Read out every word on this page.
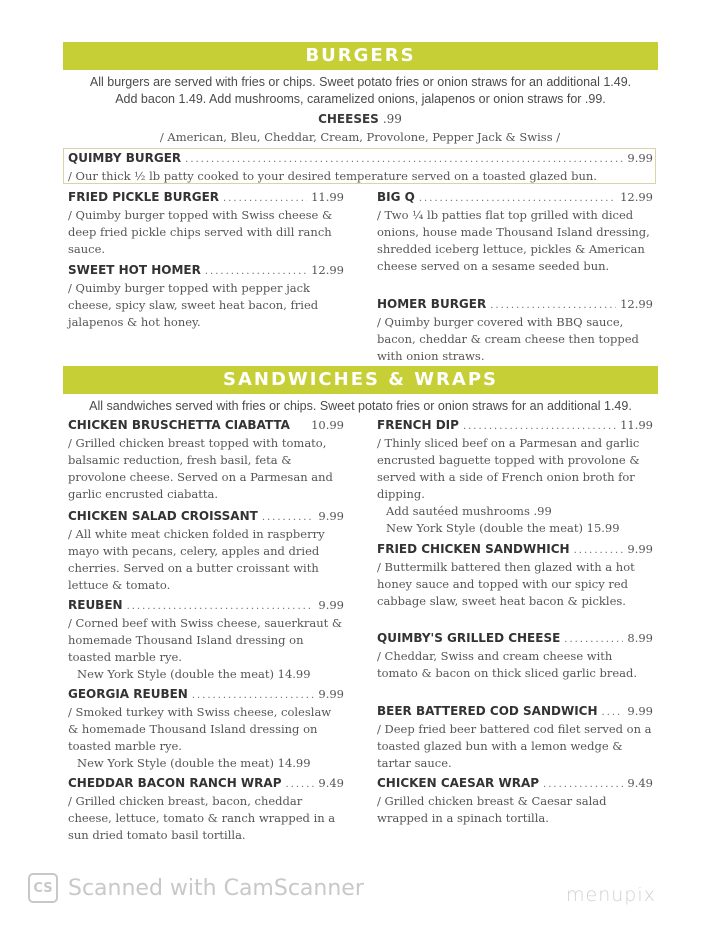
BURGERS
All burgers are served with fries or chips. Sweet potato fries or onion straws for an additional 1.49.
Add bacon 1.49. Add mushrooms, caramelized onions, jalapenos or onion straws for .99.
CHEESES .99
/ American, Bleu, Cheddar, Cream, Provolone, Pepper Jack & Swiss /
QUIMBY BURGER .....	9.99
/ Our thick ½ lb patty cooked to your desired temperature served on a toasted glazed bun.
FRIED PICKLE BURGER .....	11.99
/ Quimby burger topped with Swiss cheese & deep fried pickle chips served with dill ranch sauce.
SWEET HOT HOMER .....	12.99
/ Quimby burger topped with pepper jack cheese, spicy slaw, sweet heat bacon, fried jalapenos & hot honey.
BIG Q .....	12.99
/ Two ¼ lb patties flat top grilled with diced onions, house made Thousand Island dressing, shredded iceberg lettuce, pickles & American cheese served on a sesame seeded bun.
HOMER BURGER .....	12.99
/ Quimby burger covered with BBQ sauce, bacon, cheddar & cream cheese then topped with onion straws.
SANDWICHES & WRAPS
All sandwiches served with fries or chips. Sweet potato fries or onion straws for an additional 1.49.
CHICKEN BRUSCHETTA CIABATTA 10.99
/ Grilled chicken breast topped with tomato, balsamic reduction, fresh basil, feta & provolone cheese. Served on a Parmesan and garlic encrusted ciabatta.
CHICKEN SALAD CROISSANT .....	9.99
/ All white meat chicken folded in raspberry mayo with pecans, celery, apples and dried cherries. Served on a butter croissant with lettuce & tomato.
REUBEN .....	9.99
/ Corned beef with Swiss cheese, sauerkraut & homemade Thousand Island dressing on toasted marble rye.
New York Style (double the meat) 14.99
GEORGIA REUBEN .....	9.99
/ Smoked turkey with Swiss cheese, coleslaw & homemade Thousand Island dressing on toasted marble rye.
New York Style (double the meat) 14.99
CHEDDAR BACON RANCH WRAP .....	9.49
/ Grilled chicken breast, bacon, cheddar cheese, lettuce, tomato & ranch wrapped in a sun dried tomato basil tortilla.
FRENCH DIP .....	11.99
/ Thinly sliced beef on a Parmesan and garlic encrusted baguette topped with provolone & served with a side of French onion broth for dipping.
Add sautéed mushrooms .99
New York Style (double the meat) 15.99
FRIED CHICKEN SANDWHICH .....	9.99
/ Buttermilk battered then glazed with a hot honey sauce and topped with our spicy red cabbage slaw, sweet heat bacon & pickles.
QUIMBY'S GRILLED CHEESE .....	8.99
/ Cheddar, Swiss and cream cheese with tomato & bacon on thick sliced garlic bread.
BEER BATTERED COD SANDWICH .....	9.99
/ Deep fried beer battered cod filet served on a toasted glazed bun with a lemon wedge & tartar sauce.
CHICKEN CAESAR WRAP .....	9.49
/ Grilled chicken breast & Caesar salad wrapped in a spinach tortilla.
CS Scanned with CamScanner	menupix
